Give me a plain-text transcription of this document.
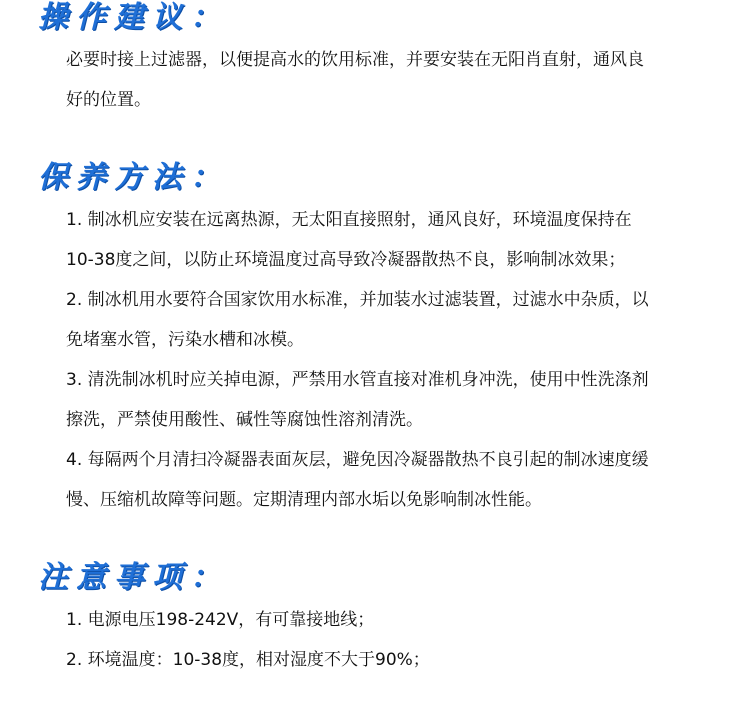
操作建议：
必要时接上过滤器，以便提高水的饮用标准，并要安装在无阳肖直射，通风良
好的位置。
保养方法：
1. 制冰机应安装在远离热源，无太阳直接照射，通风良好，环境温度保持在
10-38度之间，以防止环境温度过高导致冷凝器散热不良，影响制冰效果；
2. 制冰机用水要符合国家饮用水标准，并加装水过滤装置，过滤水中杂质，以
免堵塞水管，污染水槽和冰模。
3. 清洗制冰机时应关掉电源，严禁用水管直接对准机身冲洗，使用中性洗涤剂
擦洗，严禁使用酸性、碱性等腐蚀性溶剂清洗。
4. 每隔两个月清扫冷凝器表面灰层，避免因冷凝器散热不良引起的制冰速度缓
慢、压缩机故障等问题。定期清理内部水垢以免影响制冰性能。
注意事项：
1. 电源电压198-242V，有可靠接地线；
2. 环境温度：10-38度，相对湿度不大于90%；
